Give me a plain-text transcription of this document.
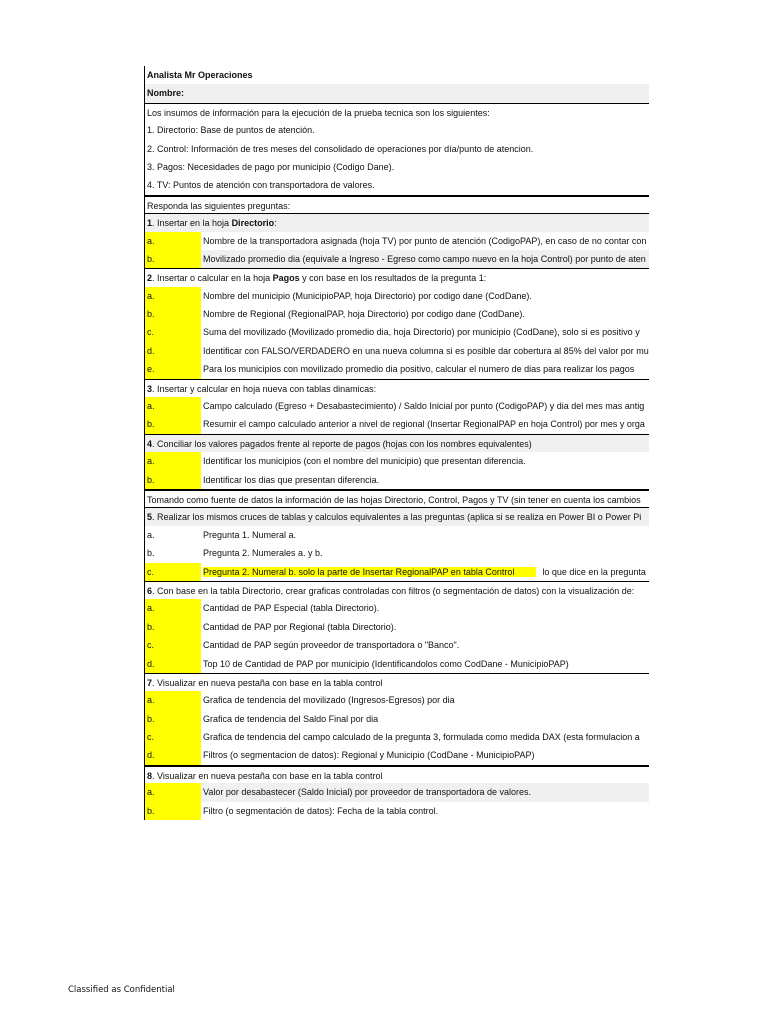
Analista Mr Operaciones
Nombre:
Los insumos de información para la ejecución de la prueba tecnica son los siguientes:
1. Directorio: Base de puntos de atención.
2. Control: Información de tres meses del consolidado de operaciones por día/punto de atencion.
3. Pagos: Necesidades de pago por municipio (Codigo Dane).
4. TV: Puntos de atención con transportadora de valores.
Responda las siguientes preguntas:
1. Insertar en la hoja Directorio:
a.	Nombre de la transportadora asignada (hoja TV) por punto de atención (CodigoPAP), en caso de no contar con
b.	Movilizado promedio dia (equivale a Ingreso - Egreso como campo nuevo en la hoja Control) por punto de aten
2. Insertar o calcular en la hoja Pagos y con base en los resultados de la pregunta 1:
a.	Nombre del municipio (MunicipioPAP, hoja Directorio) por codigo dane (CodDane).
b.	Nombre de Regional (RegionalPAP, hoja Directorio) por codigo dane (CodDane).
c.	Suma del movilizado (Movilizado promedio dia, hoja Directorio) por municipio (CodDane), solo si es positivo y
d.	Identificar con FALSO/VERDADERO en una nueva columna si es posible dar cobertura al 85% del valor por mu
e.	Para los municipios con movilizado promedio dia positivo, calcular el numero de dias para realizar los pagos
3. Insertar y calcular en hoja nueva con tablas dinamicas:
a.	Campo calculado (Egreso + Desabastecimiento) / Saldo Inicial por punto (CodigoPAP) y dia del mes mas antig
b.	Resumir el campo calculado anterior a nivel de regional (Insertar RegionalPAP en hoja Control) por mes y orga
4. Conciliar los valores pagados frente al reporte de pagos (hojas con los nombres equivalentes)
a.	Identificar los municipios (con el nombre del municipio) que presentan diferencia.
b.	Identificar los dias que presentan diferencia.
Tomando como fuente de datos la información de las hojas Directorio, Control, Pagos y TV (sin tener en cuenta los cambios
5. Realizar los mismos cruces de tablas y calculos equivalentes a las preguntas (aplica si se realiza en Power BI o Power Pi
a.	Pregunta 1. Numeral a.
b.	Pregunta 2. Numerales a. y b.
c.	Pregunta 2. Numeral b. solo la parte de Insertar RegionalPAP en tabla Control	lo que dice en la pregunta
6. Con base en la tabla Directorio, crear graficas controladas con filtros (o segmentación de datos) con la visualización de:
a.	Cantidad de PAP Especial (tabla Directorio).
b.	Cantidad de PAP por Regional (tabla Directorio).
c.	Cantidad de PAP según proveedor de transportadora o "Banco".
d.	Top 10 de Cantidad de PAP por municipio (Identificandolos como CodDane - MunicipioPAP)
7. Visualizar en nueva pestaña con base en la tabla control
a.	Grafica de tendencia del movilizado (Ingresos-Egresos) por dia
b.	Grafica de tendencia del Saldo Final por dia
c.	Grafica de tendencia del campo calculado de la pregunta 3, formulada como medida DAX (esta formulacion a
d.	Filtros (o segmentacion de datos): Regional y Municipio (CodDane - MunicipioPAP)
8. Visualizar en nueva pestaña con base en la tabla control
a.	Valor por desabastecer (Saldo Inicial) por proveedor de transportadora de valores.
b.	Filtro (o segmentación de datos): Fecha de la tabla control.
Classified as Confidential
